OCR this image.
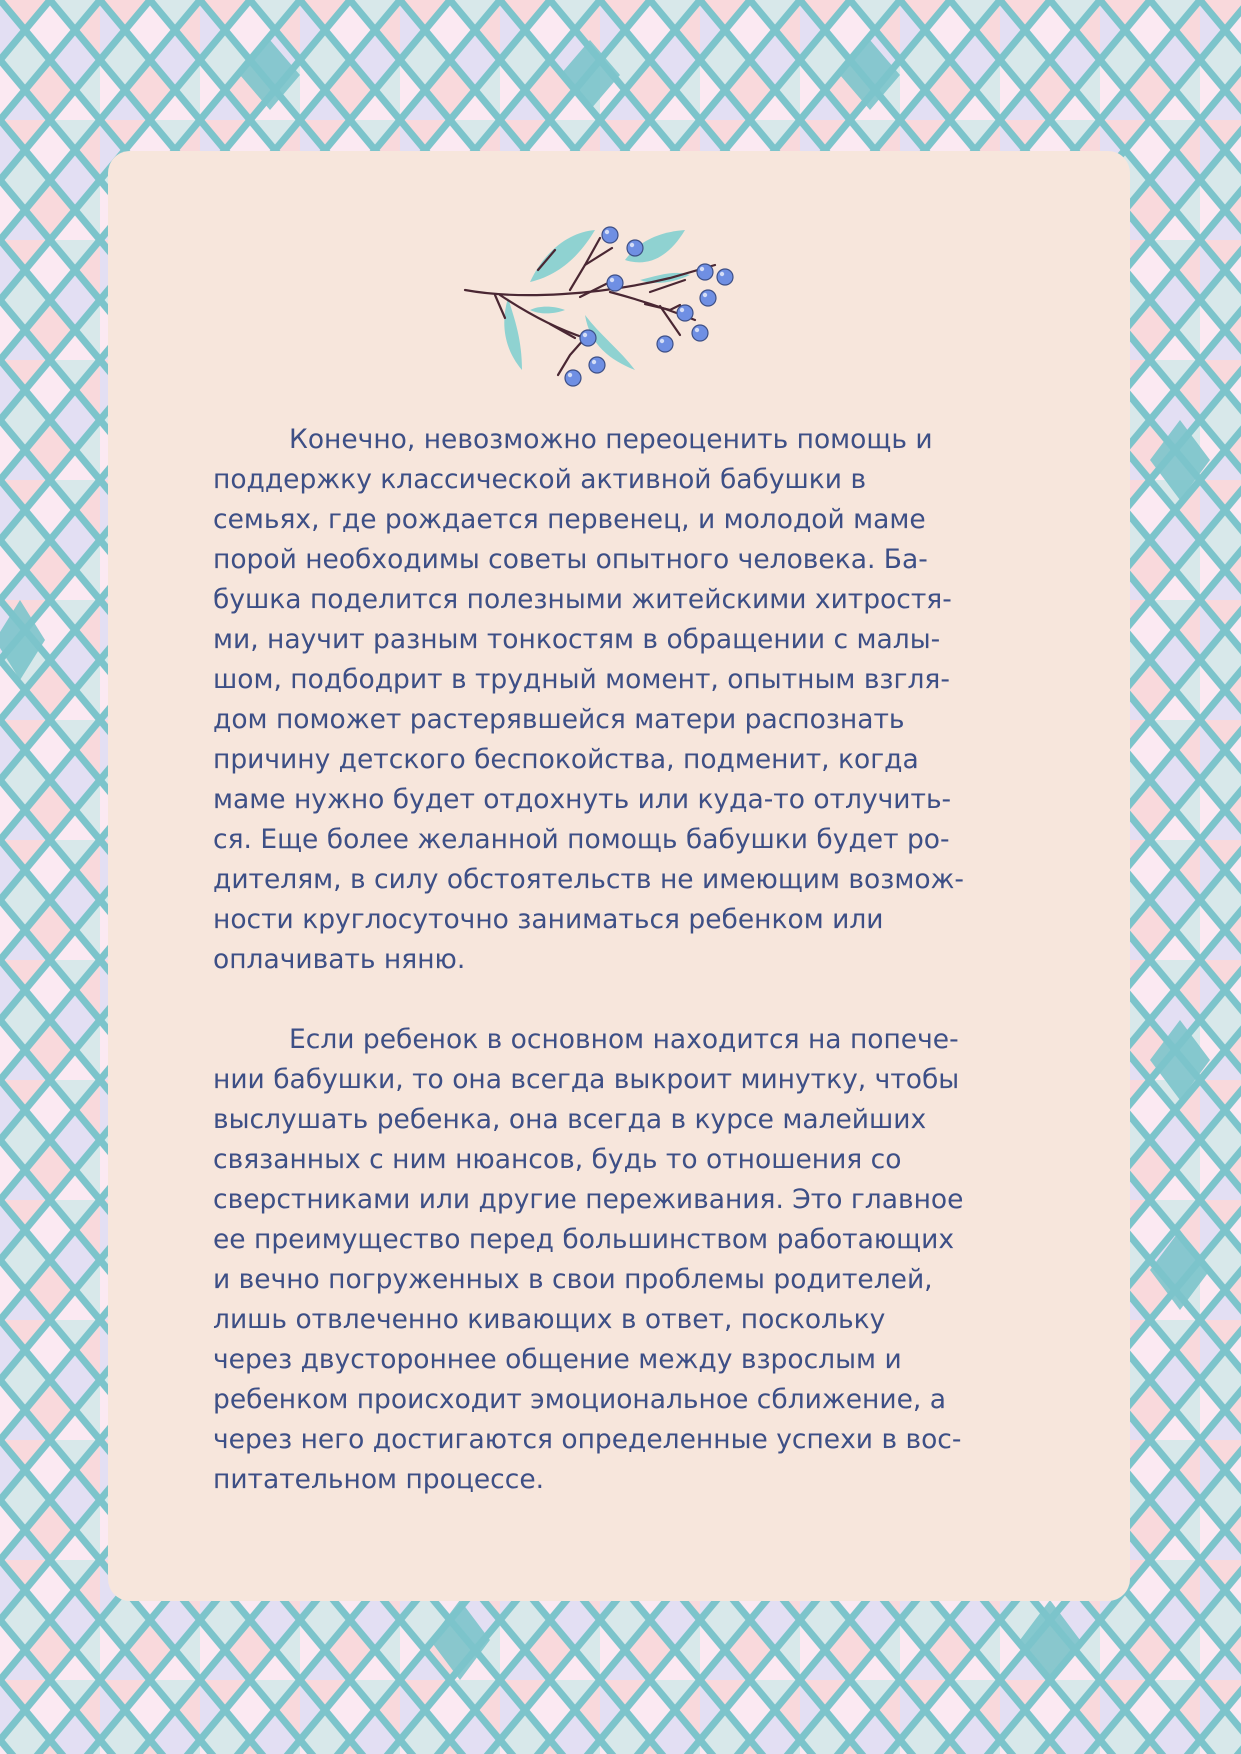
Конечно, невозможно переоценить помощь и
поддержку классической активной бабушки в
семьях, где рождается первенец, и молодой маме
порой необходимы советы опытного человека. Ба-
бушка поделится полезными житейскими хитростя-
ми, научит разным тонкостям в обращении с малы-
шом, подбодрит в трудный момент, опытным взгля-
дом поможет растерявшейся матери распознать
причину детского беспокойства, подменит, когда
маме нужно будет отдохнуть или куда-то отлучить-
ся. Еще более желанной помощь бабушки будет ро-
дителям, в силу обстоятельств не имеющим возмож-
ности круглосуточно заниматься ребенком или
оплачивать няню.
Если ребенок в основном находится на попече-
нии бабушки, то она всегда выкроит минутку, чтобы
выслушать ребенка, она всегда в курсе малейших
связанных с ним нюансов, будь то отношения со
сверстниками или другие переживания. Это главное
ее преимущество перед большинством работающих
и вечно погруженных в свои проблемы родителей,
лишь отвлеченно кивающих в ответ, поскольку
через двустороннее общение между взрослым и
ребенком происходит эмоциональное сближение, а
через него достигаются определенные успехи в вос-
питательном процессе.
